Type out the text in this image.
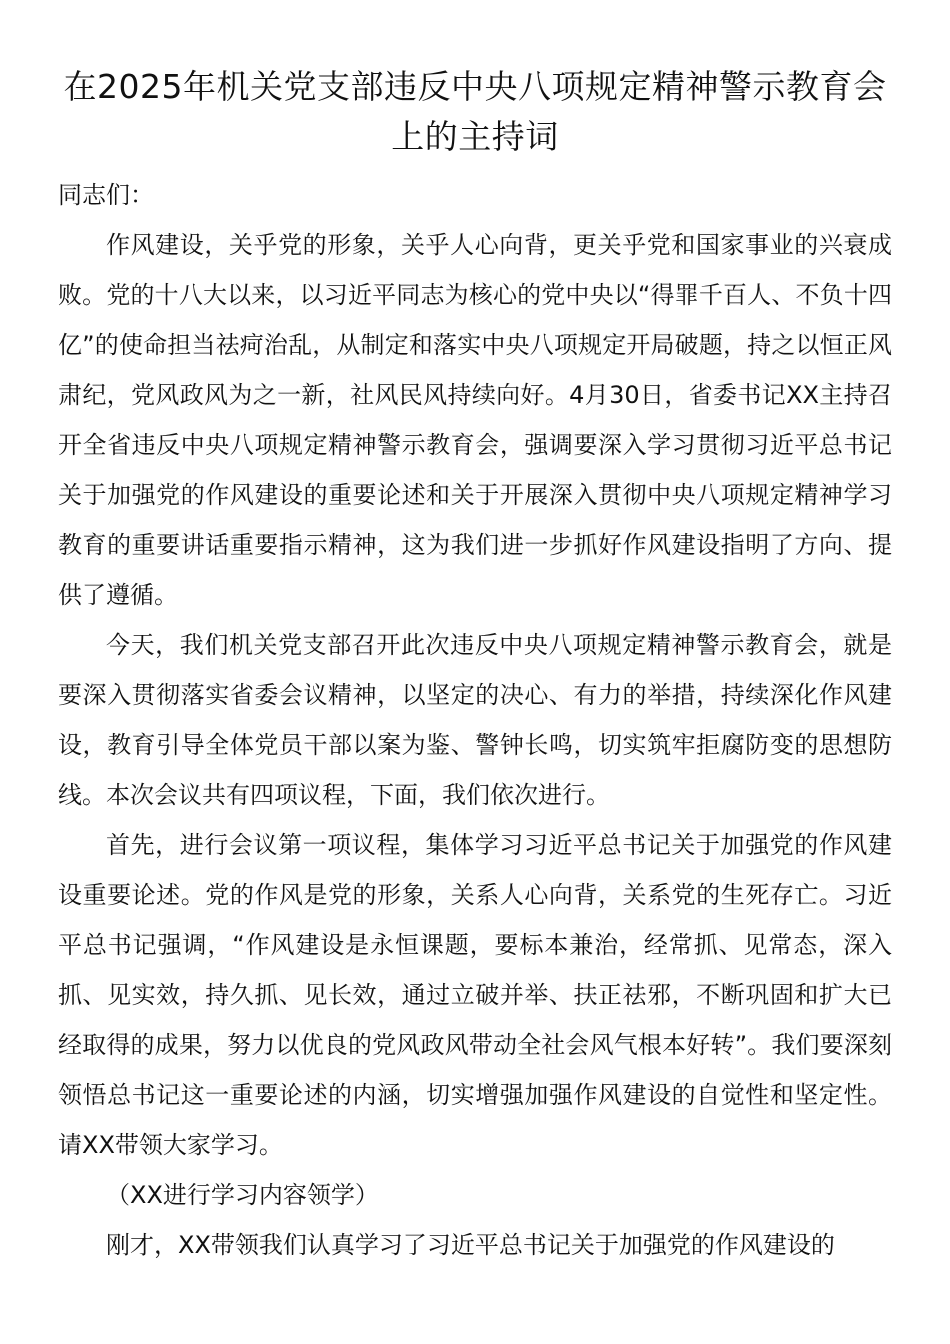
在2025年机关党支部违反中央八项规定精神警示教育会上的主持词

同志们：

作风建设，关乎党的形象，关乎人心向背，更关乎党和国家事业的兴衰成败。党的十八大以来，以习近平同志为核心的党中央以“得罪千百人、不负十四亿”的使命担当祛疴治乱，从制定和落实中央八项规定开局破题，持之以恒正风肃纪，党风政风为之一新，社风民风持续向好。4月30日，省委书记XX主持召开全省违反中央八项规定精神警示教育会，强调要深入学习贯彻习近平总书记关于加强党的作风建设的重要论述和关于开展深入贯彻中央八项规定精神学习教育的重要讲话重要指示精神，这为我们进一步抓好作风建设指明了方向、提供了遵循。

今天，我们机关党支部召开此次违反中央八项规定精神警示教育会，就是要深入贯彻落实省委会议精神，以坚定的决心、有力的举措，持续深化作风建设，教育引导全体党员干部以案为鉴、警钟长鸣，切实筑牢拒腐防变的思想防线。本次会议共有四项议程，下面，我们依次进行。

首先，进行会议第一项议程，集体学习习近平总书记关于加强党的作风建设重要论述。党的作风是党的形象，关系人心向背，关系党的生死存亡。习近平总书记强调，“作风建设是永恒课题，要标本兼治，经常抓、见常态，深入抓、见实效，持久抓、见长效，通过立破并举、扶正祛邪，不断巩固和扩大已经取得的成果，努力以优良的党风政风带动全社会风气根本好转”。我们要深刻领悟总书记这一重要论述的内涵，切实增强加强作风建设的自觉性和坚定性。请XX带领大家学习。

（XX进行学习内容领学）

刚才，XX带领我们认真学习了习近平总书记关于加强党的作风建设的
